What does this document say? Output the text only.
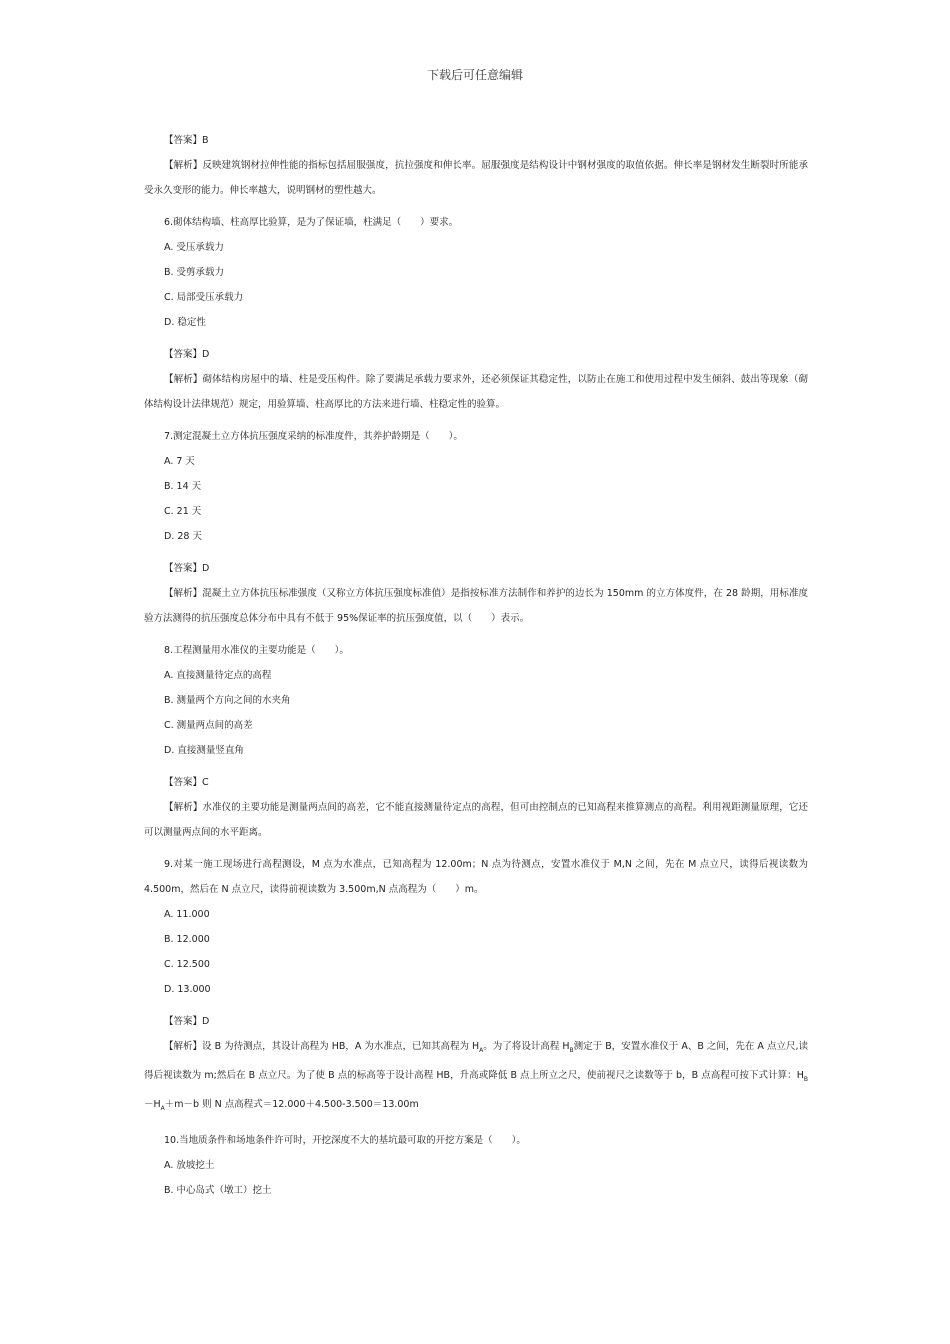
下载后可任意编辑
【答案】B
【解析】反映建筑钢材拉伸性能的指标包括屈服强度，抗拉强度和伸长率。屈服强度是结构设计中钢材强度的取值依据。伸长率是钢材发生断裂时所能承受永久变形的能力。伸长率越大，说明钢材的塑性越大。
6.砌体结构墙、柱高厚比验算，是为了保证墙，柱满足（　　）要求。
A. 受压承载力
B. 受剪承载力
C. 局部受压承载力
D. 稳定性
【答案】D
【解析】砌体结构房屋中的墙、柱是受压构件。除了要满足承载力要求外，还必须保证其稳定性，以防止在施工和使用过程中发生倾斜、鼓出等现象（砌体结构设计法律规范）规定，用验算墙、柱高厚比的方法来进行墙、柱稳定性的验算。
7.测定混凝土立方体抗压强度采纳的标准度件，其养护龄期是（　　）。
A. 7 天
B. 14 天
C. 21 天
D. 28 天
【答案】D
【解析】混凝土立方体抗压标准强度（又称立方体抗压强度标准值）是指按标准方法制作和养护的边长为 150mm 的立方体度件，在 28 龄期，用标准度验方法测得的抗压强度总体分布中具有不低于 95%保证率的抗压强度值，以（　　）表示。
8.工程测量用水准仪的主要功能是（　　）。
A. 直接测量待定点的高程
B. 测量两个方向之间的水夹角
C. 测量两点间的高差
D. 直接测量竖直角
【答案】C
【解析】水准仪的主要功能是测量两点间的高差，它不能直接测量待定点的高程，但可由控制点的已知高程来推算测点的高程。利用视距测量原理，它还可以测量两点间的水平距离。
9.对某一施工现场进行高程测设，M 点为水准点，已知高程为 12.00m；N 点为待测点，安置水准仪于 M,N 之间，先在 M 点立尺，读得后视读数为 4.500m，然后在 N 点立尺，读得前视读数为 3.500m,N 点高程为（　　）m。
A. 11.000
B. 12.000
C. 12.500
D. 13.000
【答案】D
【解析】设 B 为待测点，其设计高程为 HB，A 为水准点，已知其高程为 $H_A$。为了将设计高程 $H_B$测定于 B，安置水准仪于 A、B 之间，先在 A 点立尺,读得后视读数为 m;然后在 B 点立尺。为了使 B 点的标高等于设计高程 HB，升高或降低 B 点上所立之尺，使前视尺之读数等于 b，B 点高程可按下式计算：$H_B-H_A+m-b$ 则 N 点高程式＝12.000＋4.500-3.500＝13.00m
10.当地质条件和场地条件许可时，开挖深度不大的基坑最可取的开挖方案是（　　）。
A. 放坡挖土
B. 中心岛式（墩工）挖土
